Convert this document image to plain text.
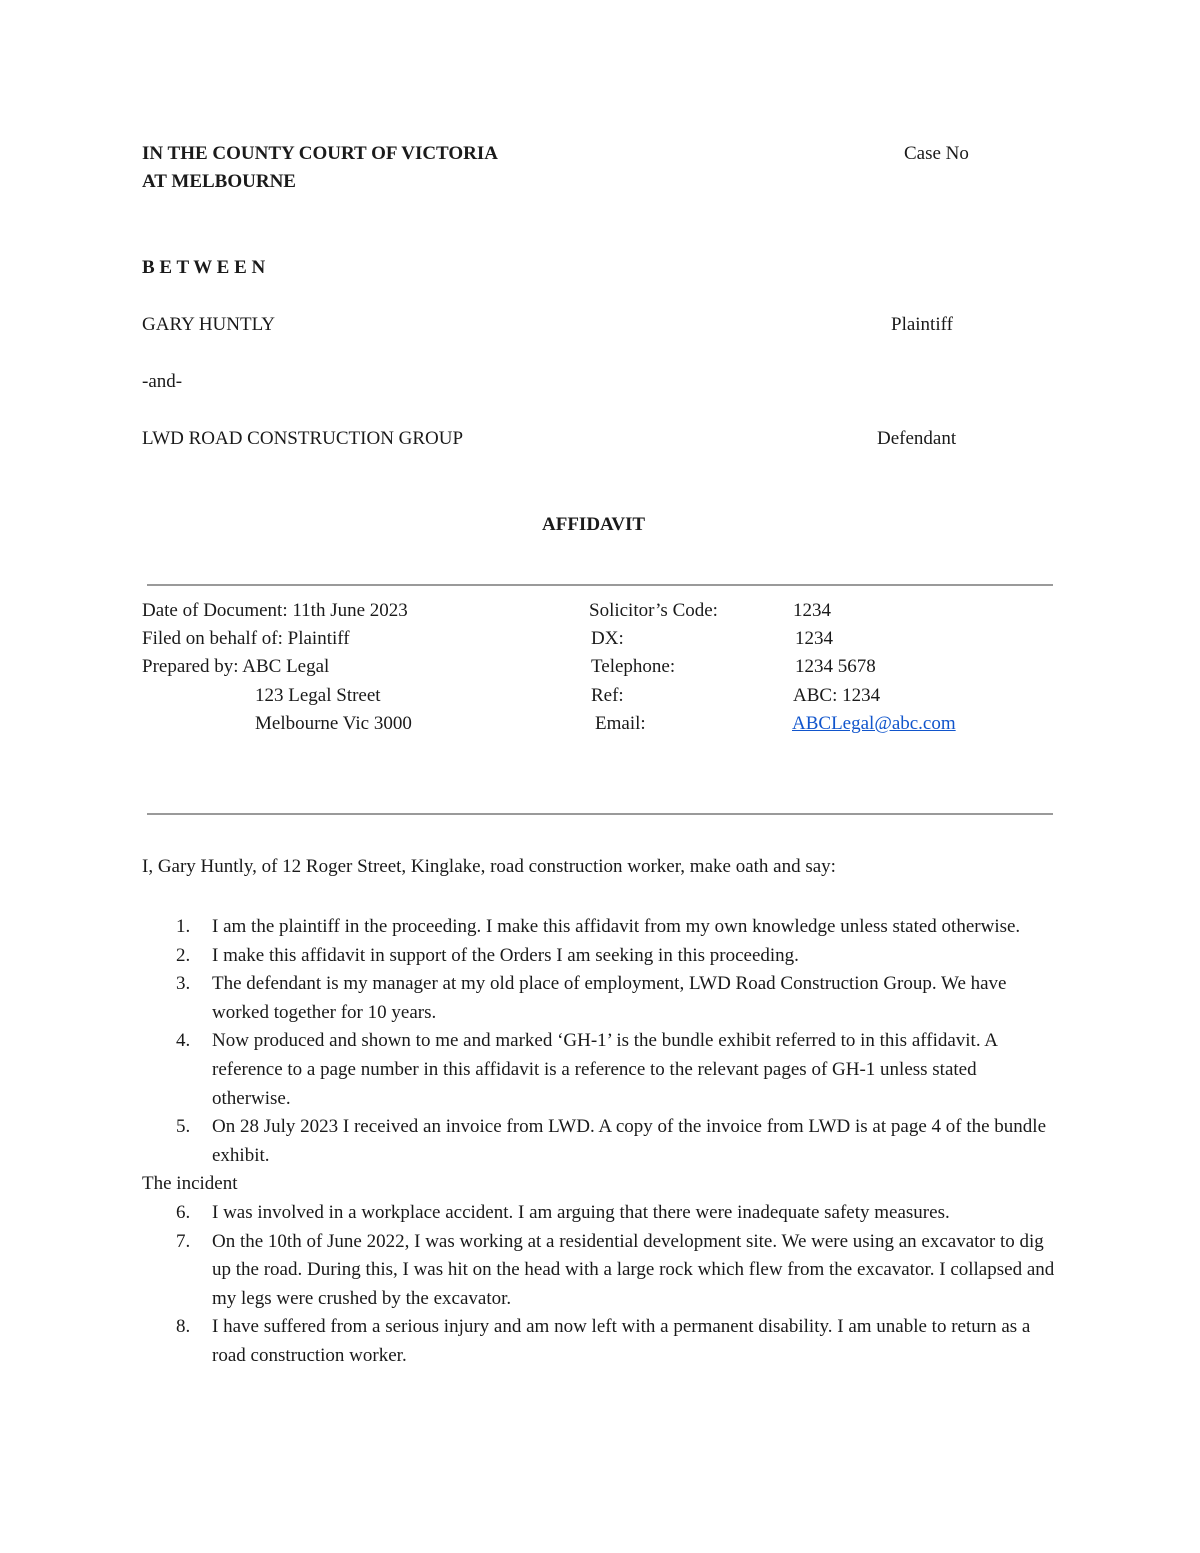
IN THE COUNTY COURT OF VICTORIA
AT MELBOURNE
Case No
B E T W E E N
GARY HUNTLY	Plaintiff
-and-
LWD ROAD CONSTRUCTION GROUP	Defendant
AFFIDAVIT
Date of Document: 11th June 2023
Filed on behalf of: Plaintiff
Prepared by: ABC Legal
123 Legal Street
Melbourne Vic 3000
Solicitor’s Code:
DX:
Telephone:
Ref:
Email:
1234
1234
1234 5678
ABC: 1234
ABCLegal@abc.com
I, Gary Huntly, of 12 Roger Street, Kinglake, road construction worker, make oath and say:
1. I am the plaintiff in the proceeding. I make this affidavit from my own knowledge unless stated otherwise.
2. I make this affidavit in support of the Orders I am seeking in this proceeding.
3. The defendant is my manager at my old place of employment, LWD Road Construction Group. We have worked together for 10 years.
4. Now produced and shown to me and marked ‘GH-1’ is the bundle exhibit referred to in this affidavit. A reference to a page number in this affidavit is a reference to the relevant pages of GH-1 unless stated otherwise.
5. On 28 July 2023 I received an invoice from LWD. A copy of the invoice from LWD is at page 4 of the bundle exhibit.
The incident
6. I was involved in a workplace accident. I am arguing that there were inadequate safety measures.
7. On the 10th of June 2022, I was working at a residential development site. We were using an excavator to dig up the road. During this, I was hit on the head with a large rock which flew from the excavator. I collapsed and my legs were crushed by the excavator.
8. I have suffered from a serious injury and am now left with a permanent disability. I am unable to return as a road construction worker.
